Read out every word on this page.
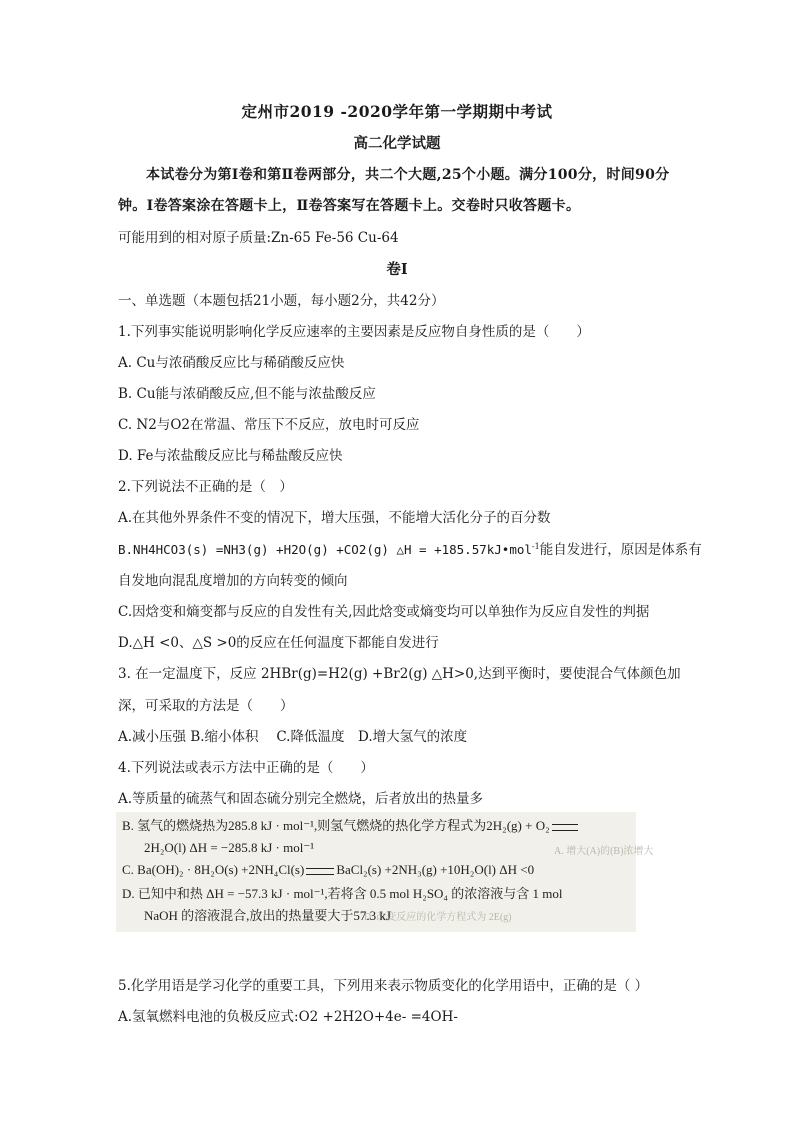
定州市2019 -2020学年第一学期期中考试
高二化学试题
本试卷分为第Ⅰ卷和第Ⅱ卷两部分，共二个大题,25个小题。满分100分，时间90分
钟。Ⅰ卷答案涂在答题卡上，Ⅱ卷答案写在答题卡上。交卷时只收答题卡。
可能用到的相对原子质量:Zn-65 Fe-56 Cu-64
卷Ⅰ
一、单选题（本题包括21小题，每小题2分，共42分）
1.下列事实能说明影响化学反应速率的主要因素是反应物自身性质的是（　　）
A. Cu与浓硝酸反应比与稀硝酸反应快
B. Cu能与浓硝酸反应,但不能与浓盐酸反应
C. N2与O2在常温、常压下不反应，放电时可反应
D. Fe与浓盐酸反应比与稀盐酸反应快
2.下列说法不正确的是（　）
A.在其他外界条件不变的情况下，增大压强，不能增大活化分子的百分数
B.NH4HCO3(s) =NH3(g) +H2O(g) +CO2(g) △H = +185.57kJ•mol$^{-1}$能自发进行，原因是体系有
自发地向混乱度增加的方向转变的倾向
C.因焓变和熵变都与反应的自发性有关,因此焓变或熵变均可以单独作为反应自发性的判据
D.△H <0、△S >0的反应在任何温度下都能自发进行
3. 在一定温度下，反应 2HBr(g)=H2(g) +Br2(g) △H>0,达到平衡时，要使混合气体颜色加
深，可采取的方法是（　　）
A.减小压强 B.缩小体积　 C.降低温度　D.增大氢气的浓度
4.下列说法或表示方法中正确的是（　　）
A.等质量的硫蒸气和固态硫分别完全燃烧，后者放出的热量多
A. 增大(A)的(B)浓增大
D. 改变反应的化学方程式为 2E(g)
B. 氢气的燃烧热为285.8 kJ · mol⁻¹,则氢气燃烧的热化学方程式为2H₂(g) + O₂
2H₂O(l) ΔH = −285.8 kJ · mol⁻¹
C. Ba(OH)₂ · 8H₂O(s) +2NH₄Cl(s) BaCl₂(s) +2NH₃(g) +10H₂O(l) ΔH <0
D. 已知中和热 ΔH = −57.3 kJ · mol⁻¹,若将含 0.5 mol H₂SO₄ 的浓溶液与含 1 mol
NaOH 的溶液混合,放出的热量要大于57.3 kJ
5.化学用语是学习化学的重要工具，下列用来表示物质变化的化学用语中，正确的是（ ）
A.氢氧燃料电池的负极反应式:O2 +2H2O+4e- =4OH-
